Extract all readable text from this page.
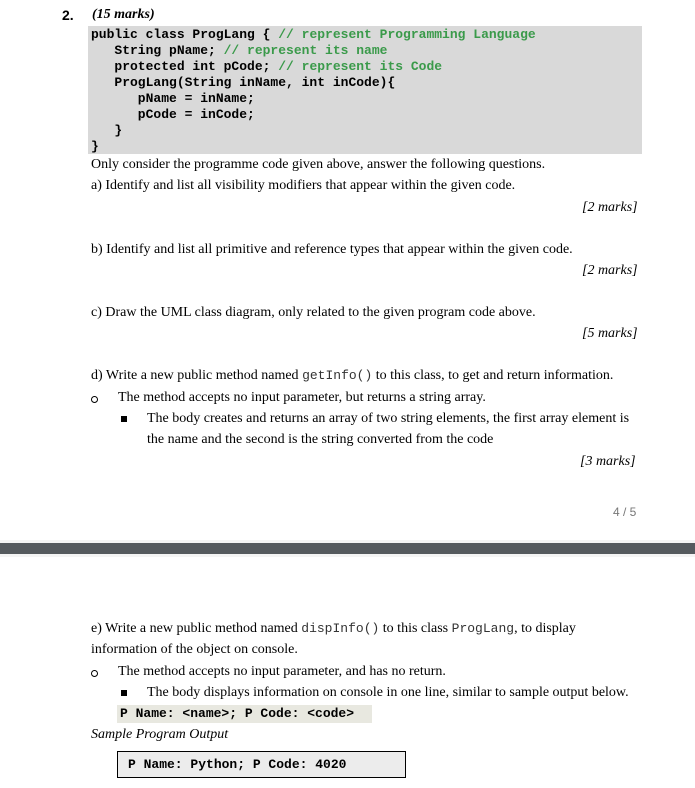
2. (15 marks)
public class ProgLang { // represent Programming Language
String pName; // represent its name
protected int pCode; // represent its Code
ProgLang(String inName, int inCode){
pName = inName;
pCode = inCode;
}
}
Only consider the programme code given above, answer the following questions.
a) Identify and list all visibility modifiers that appear within the given code.
[2 marks]
b) Identify and list all primitive and reference types that appear within the given code.
[2 marks]
c) Draw the UML class diagram, only related to the given program code above.
[5 marks]
d) Write a new public method named getInfo() to this class, to get and return information.
The method accepts no input parameter, but returns a string array.
The body creates and returns an array of two string elements, the first array element is
the name and the second is the string converted from the code
[3 marks]
4 / 5
e) Write a new public method named dispInfo() to this class ProgLang, to display
information of the object on console.
The method accepts no input parameter, and has no return.
The body displays information on console in one line, similar to sample output below.
P Name: <name>; P Code: <code>
Sample Program Output
P Name: Python; P Code: 4020
